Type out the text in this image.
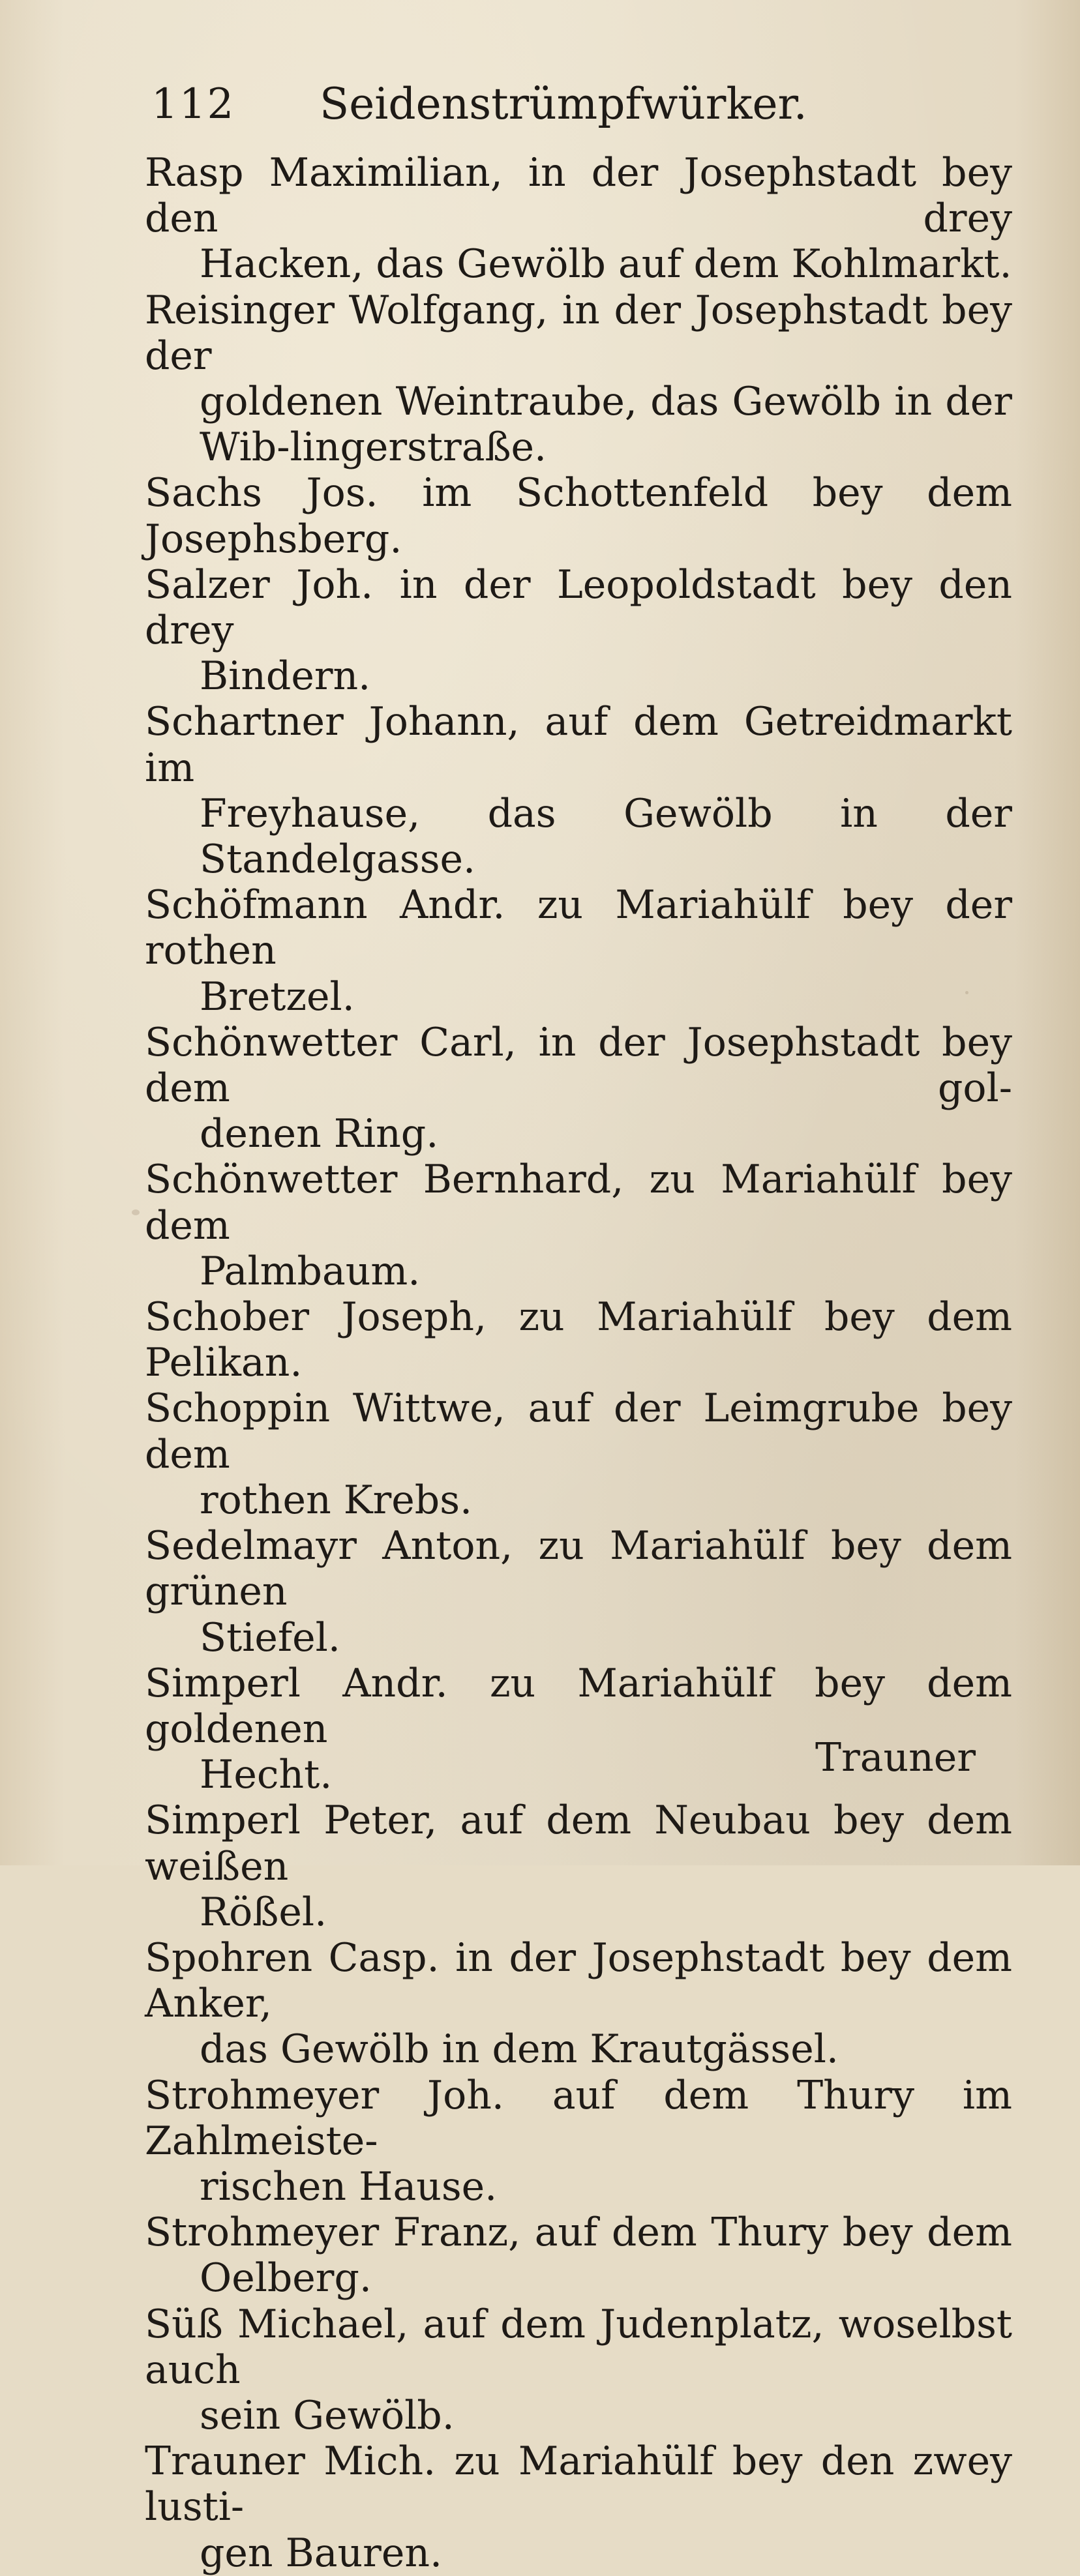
112 Seidenstrümpfwürker.

Rasp Maximilian, in der Josephstadt bey den drey
Hacken, das Gewölb auf dem Kohlmarkt.

Reisinger Wolfgang, in der Josephstadt bey der
goldenen Weintraube, das Gewölb in der Wib-lingerstraße.

Sachs Jos. im Schottenfeld bey dem Josephsberg.

Salzer Joh. in der Leopoldstadt bey den drey
Bindern.

Schartner Johann, auf dem Getreidmarkt im
Freyhause, das Gewölb in der Standelgasse.

Schöfmann Andr. zu Mariahülf bey der rothen
Bretzel.

Schönwetter Carl, in der Josephstadt bey dem gol-
denen Ring.

Schönwetter Bernhard, zu Mariahülf bey dem
Palmbaum.

Schober Joseph, zu Mariahülf bey dem Pelikan.

Schoppin Wittwe, auf der Leimgrube bey dem
rothen Krebs.

Sedelmayr Anton, zu Mariahülf bey dem grünen
Stiefel.

Simperl Andr. zu Mariahülf bey dem goldenen
Hecht.

Simperl Peter, auf dem Neubau bey dem weißen
Rößel.

Spohren Casp. in der Josephstadt bey dem Anker,
das Gewölb in dem Krautgässel.

Strohmeyer Joh. auf dem Thury im Zahlmeiste-
rischen Hause.

Strohmeyer Franz, auf dem Thury bey dem
Oelberg.

Süß Michael, auf dem Judenplatz, woselbst auch
sein Gewölb.

Trauner Mich. zu Mariahülf bey den zwey lusti-
gen Bauren.

Trauner
